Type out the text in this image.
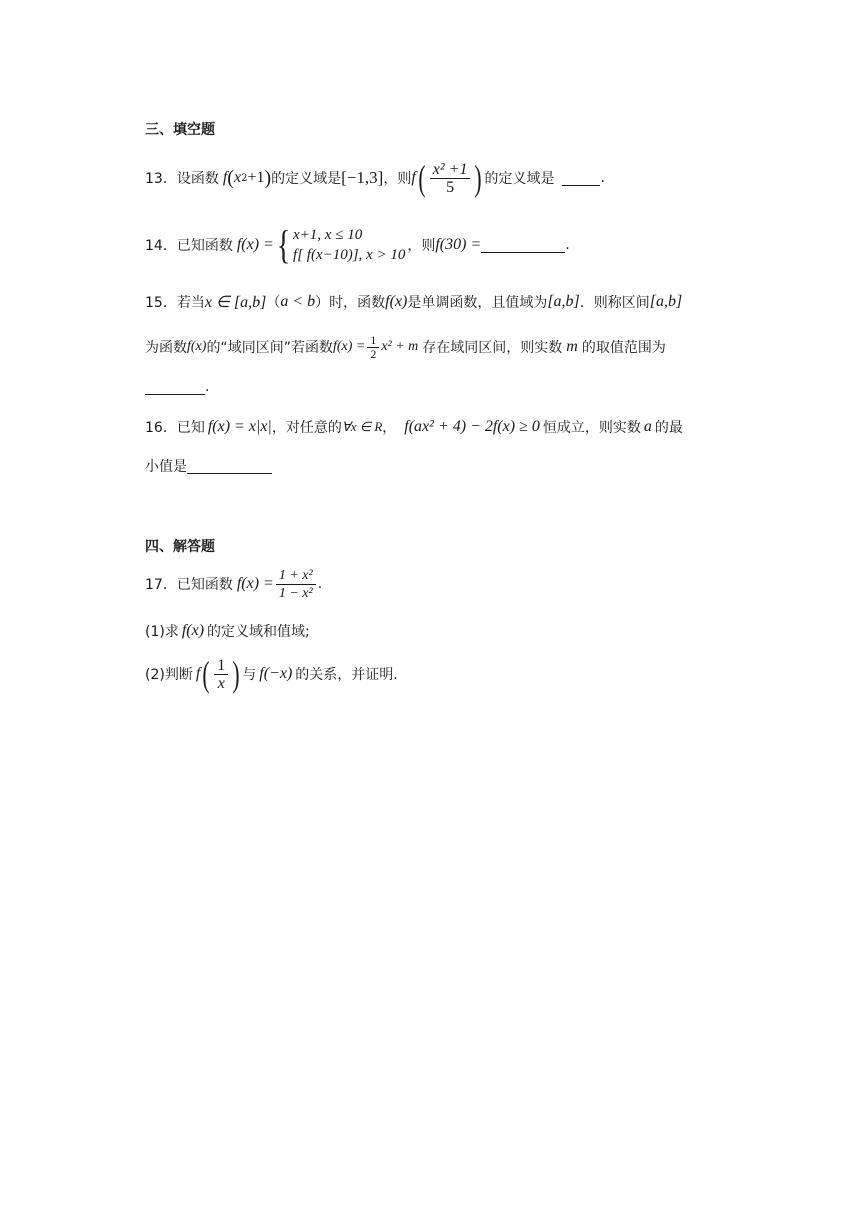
三、填空题
13．设函数 f ( x 2 +1 ) 的定义域是 [−1,3] ，则 f ( $\frac{\text{x² +1}}{5}$ ) 的定义域是	.
14．已知函数 f(x) = { x+1, x ≤ 10
f[ f(x−10)], x > 10
，则 f(30) =	.
15．若当 x ∈ [a,b] （ a < b ）时，函数 f(x) 是单调函数，且值域为 [a,b] ．则称区间 [a,b]
为函数 f(x) 的“域同区间”若函数 $f(x) = \frac{1}{2} x^2 + m$ 存在域同区间，则实数 m 的取值范围为
.
16．已知 f(x) = x|x| ，对任意的 ∀x ∈ R ， f(ax² + 4) − 2f(x) ≥ 0 恒成立，则实数 a 的最
小值是
四、解答题
17．已知函数 $f(x) = \frac{\text{1 + x²}}{\text{1 − x²}}$ .
(1)求 f(x) 的定义域和值域;
(2)判断 f ( $\frac{1}{x}$ ) 与 f(−x) 的关系，并证明.
